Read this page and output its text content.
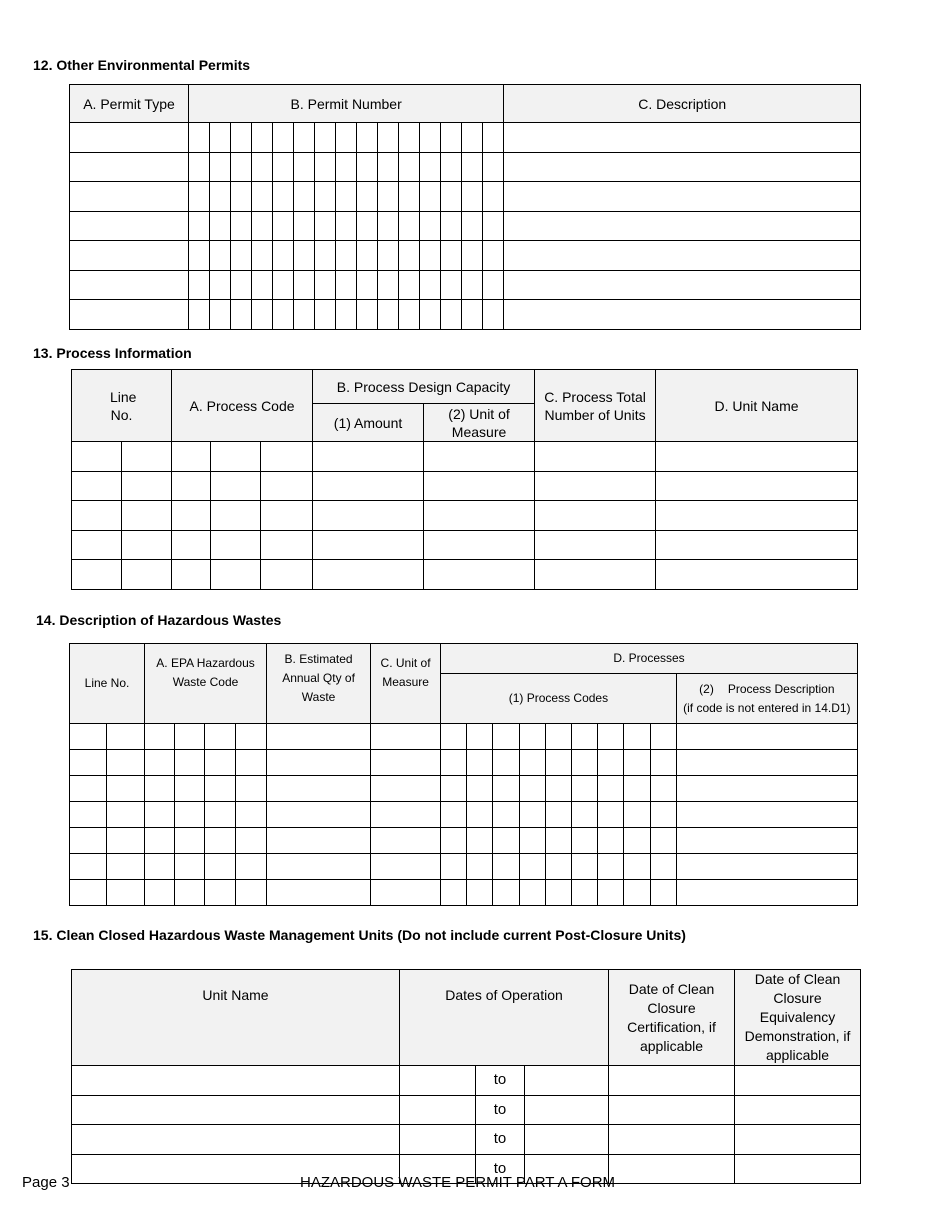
12. Other Environmental Permits
A. Permit Type	B. Permit Number															C. Description

13. Process Information
Line No.		A. Process Code			B. Process Design Capacity		C. Process Total Number of Units	D. Unit Name
					(1) Amount	(2) Unit of Measure		

14. Description of Hazardous Wastes
Line No.		A. EPA Hazardous Waste Code				B. Estimated Annual Qty of Waste	C. Unit of Measure	D. Processes									
								(1) Process Codes									(2) Process Description
(if code is not entered in 14.D1)

15. Clean Closed Hazardous Waste Management Units (Do not include current Post-Closure Units)
Unit Name	Dates of Operation			Date of Clean Closure Certification, if applicable	Date of Clean Closure Equivalency Demonstration, if applicable
		to			
		to			
		to			
		to			
Page 3	HAZARDOUS WASTE PERMIT PART A FORM
